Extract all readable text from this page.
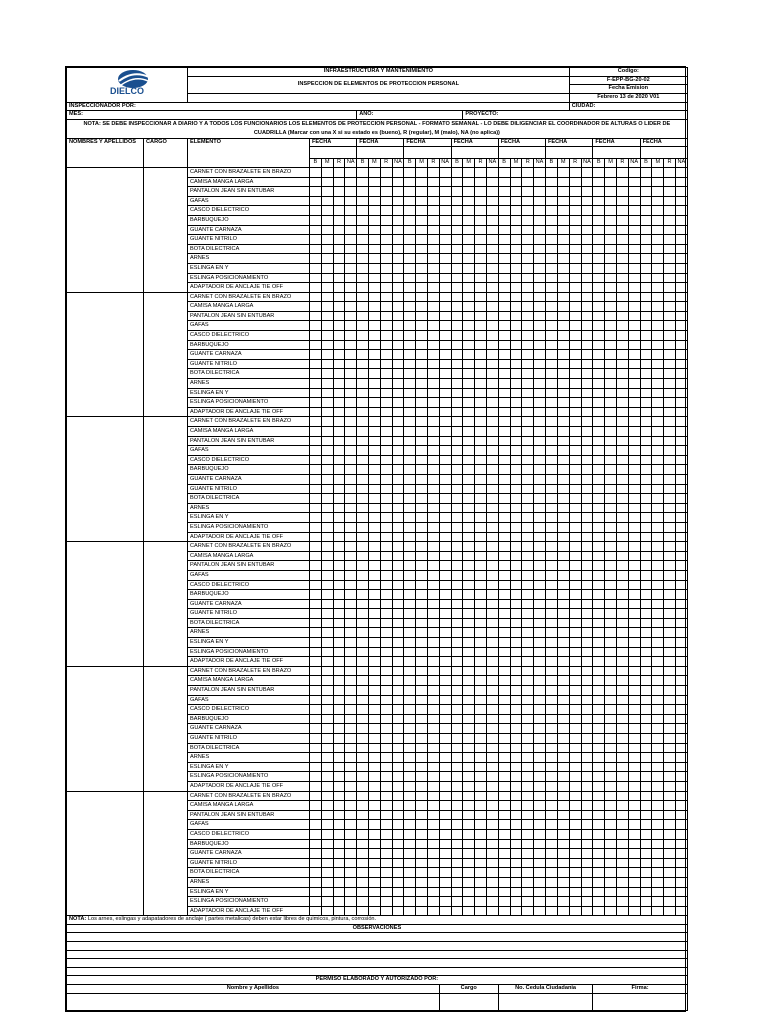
DIELCO		INFRAESTRUCTURA Y MANTENIMIENTO																							Codigo:									
		INSPECCION DE ELEMENTOS DE PROTECCION PERSONAL																							F-EPP-BG-20-02									
																									Fecha Emision									
																									Febrero 13 de 2020 V01									
INSPECCIONADOR POR:																									CIUDAD:									
MES:							AÑO:									PROYECTO:																		
NOTA: SE DEBE INSPECCIONAR A DIARIO Y A TODOS LOS FUNCIONARIOS LOS ELEMENTOS DE PROTECCION PERSONAL - FORMATO SEMANAL - LO DEBE DILIGENCIAR EL COORDINADOR DE ALTURAS O LIDER DE CUADRILLA (Marcar con una X si su estado es (bueno), R (regular), M (malo), NA (no aplica))																																		
NOMBRES Y APELLIDOS	CARGO	ELEMENTO	FECHA				FECHA				FECHA				FECHA				FECHA				FECHA				FECHA				FECHA			

			B	M	R	NA	B	M	R	NA	B	M	R	NA	B	M	R	NA	B	M	R	NA	B	M	R	NA	B	M	R	NA	B	M	R	NA
		CARNET CON BRAZALETE EN BRAZO																																
		CAMISA MANGA LARGA																																
		PANTALON JEAN SIN ENTUBAR																																
		GAFAS																																
		CASCO DIELECTRICO																																
		BARBUQUEJO																																
		GUANTE CARNAZA																																
		GUANTE NITRILO																																
		BOTA DILECTRICA																																
		ARNES																																
		ESLINGA EN Y																																
		ESLINGA POSICIONAMIENTO																																
		ADAPTADOR DE ANCLAJE TIE OFF																																
		CARNET CON BRAZALETE EN BRAZO																																
		CAMISA MANGA LARGA																																
		PANTALON JEAN SIN ENTUBAR																																
		GAFAS																																
		CASCO DIELECTRICO																																
		BARBUQUEJO																																
		GUANTE CARNAZA																																
		GUANTE NITRILO																																
		BOTA DILECTRICA																																
		ARNES																																
		ESLINGA EN Y																																
		ESLINGA POSICIONAMIENTO																																
		ADAPTADOR DE ANCLAJE TIE OFF																																
		CARNET CON BRAZALETE EN BRAZO																																
		CAMISA MANGA LARGA																																
		PANTALON JEAN SIN ENTUBAR																																
		GAFAS																																
		CASCO DIELECTRICO																																
		BARBUQUEJO																																
		GUANTE CARNAZA																																
		GUANTE NITRILO																																
		BOTA DILECTRICA																																
		ARNES																																
		ESLINGA EN Y																																
		ESLINGA POSICIONAMIENTO																																
		ADAPTADOR DE ANCLAJE TIE OFF																																
		CARNET CON BRAZALETE EN BRAZO																																
		CAMISA MANGA LARGA																																
		PANTALON JEAN SIN ENTUBAR																																
		GAFAS																																
		CASCO DIELECTRICO																																
		BARBUQUEJO																																
		GUANTE CARNAZA																																
		GUANTE NITRILO																																
		BOTA DILECTRICA																																
		ARNES																																
		ESLINGA EN Y																																
		ESLINGA POSICIONAMIENTO																																
		ADAPTADOR DE ANCLAJE TIE OFF																																
		CARNET CON BRAZALETE EN BRAZO																																
		CAMISA MANGA LARGA																																
		PANTALON JEAN SIN ENTUBAR																																
		GAFAS																																
		CASCO DIELECTRICO																																
		BARBUQUEJO																																
		GUANTE CARNAZA																																
		GUANTE NITRILO																																
		BOTA DILECTRICA																																
		ARNES																																
		ESLINGA EN Y																																
		ESLINGA POSICIONAMIENTO																																
		ADAPTADOR DE ANCLAJE TIE OFF																																
		CARNET CON BRAZALETE EN BRAZO																																
		CAMISA MANGA LARGA																																
		PANTALON JEAN SIN ENTUBAR																																
		GAFAS																																
		CASCO DIELECTRICO																																
		BARBUQUEJO																																
		GUANTE CARNAZA																																
		GUANTE NITRILO																																
		BOTA DILECTRICA																																
		ARNES																																
		ESLINGA EN Y																																
		ESLINGA POSICIONAMIENTO																																
		ADAPTADOR DE ANCLAJE TIE OFF																																
NOTA: Los arnes, eslingas y adapatadores de anclaje ( partes metalicas) deben estar libres de quimicos, pintura, corrosión.																																		
OBSERVACIONES																																		

PERMISO ELABORADO Y AUTORIZADO POR:																																		
Nombre y Apellidos														Cargo					No. Cedula Ciudadania								Firma:							
